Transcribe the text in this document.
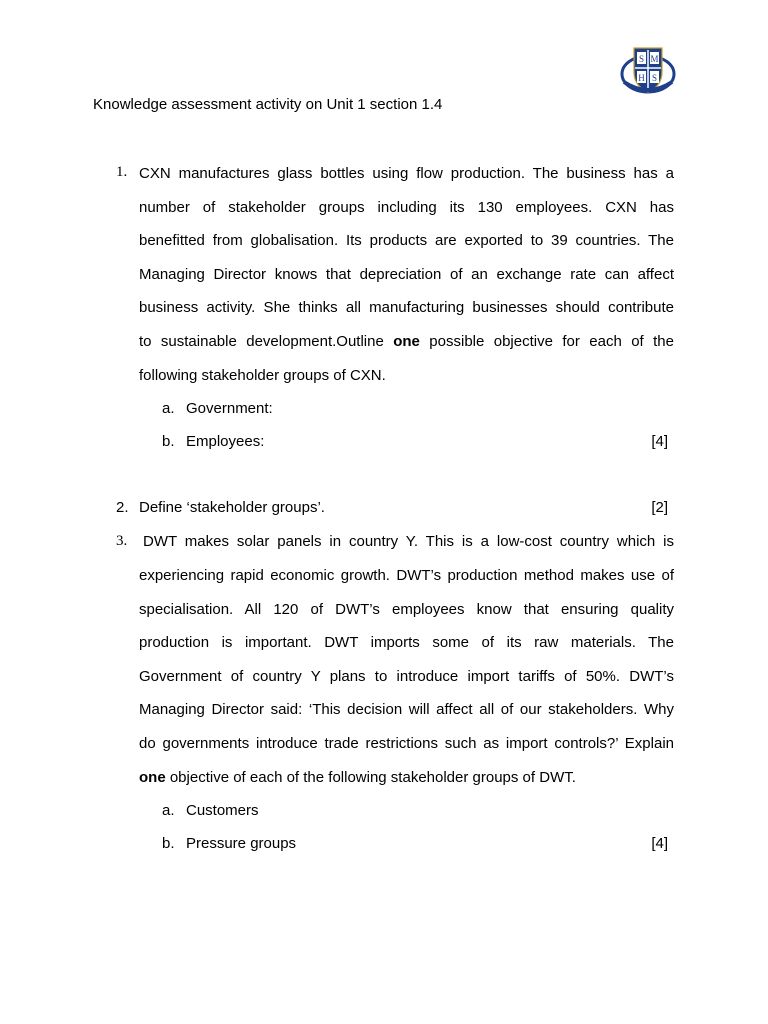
S M
H S
Knowledge assessment activity on Unit 1 section 1.4
1. CXN manufactures glass bottles using flow production. The business has a
number of stakeholder groups including its 130 employees. CXN has
benefitted from globalisation. Its products are exported to 39 countries. The
Managing Director knows that depreciation of an exchange rate can affect
business activity. She thinks all manufacturing businesses should contribute
to sustainable development.Outline one possible objective for each of the
following stakeholder groups of CXN.
a. Government:
b. Employees:	[4]
2. Define ‘stakeholder groups’.	[2]
3. DWT makes solar panels in country Y. This is a low-cost country which is
experiencing rapid economic growth. DWT’s production method makes use of
specialisation. All 120 of DWT’s employees know that ensuring quality
production is important. DWT imports some of its raw materials. The
Government of country Y plans to introduce import tariffs of 50%. DWT’s
Managing Director said: ‘This decision will affect all of our stakeholders. Why
do governments introduce trade restrictions such as import controls?’ Explain
one objective of each of the following stakeholder groups of DWT.
a. Customers
b. Pressure groups	[4]
